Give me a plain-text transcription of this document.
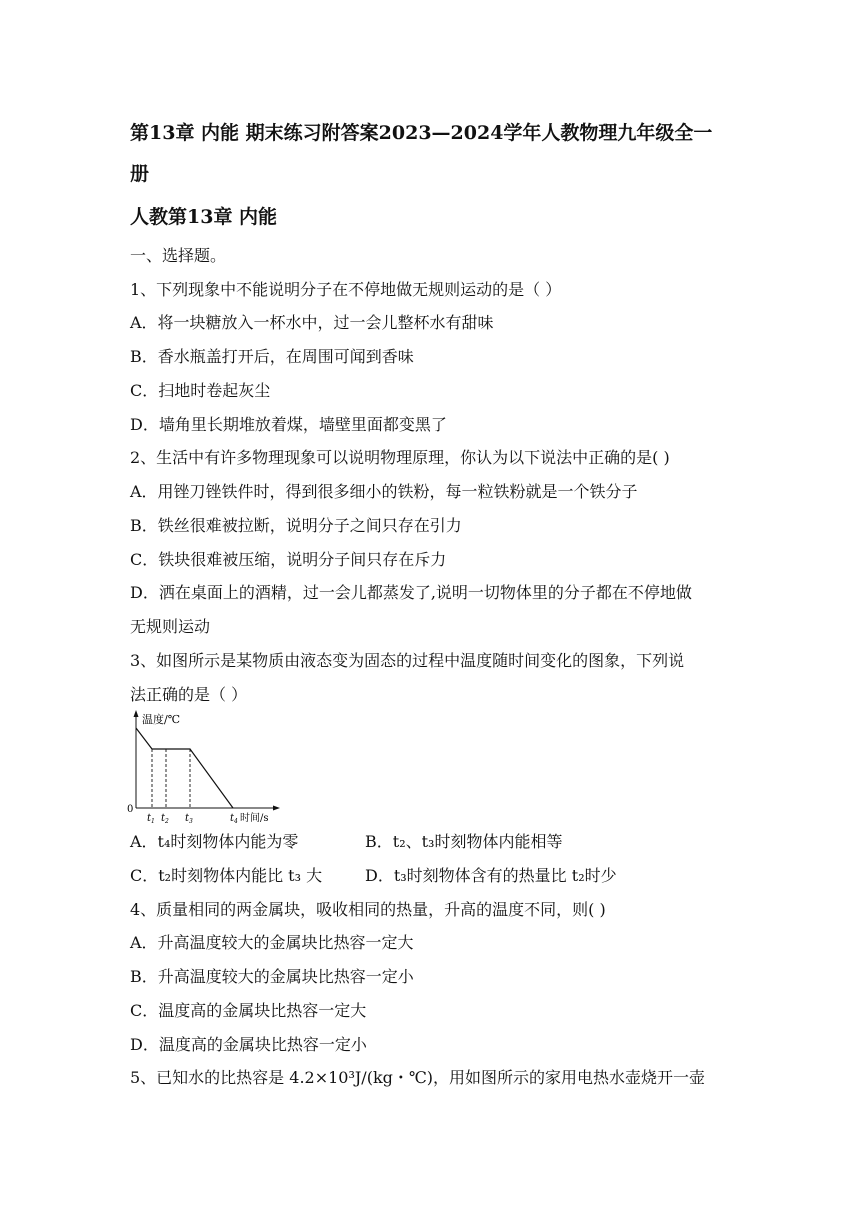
第13章 内能 期末练习附答案2023—2024学年人教物理九年级全一
册
人教第13章 内能
一、选择题。
1、下列现象中不能说明分子在不停地做无规则运动的是（ ）
A．将一块糖放入一杯水中，过一会儿整杯水有甜味
B．香水瓶盖打开后，在周围可闻到香味
C．扫地时卷起灰尘
D．墙角里长期堆放着煤，墙壁里面都变黑了
2、生活中有许多物理现象可以说明物理原理，你认为以下说法中正确的是( )
A．用锉刀锉铁件时，得到很多细小的铁粉，每一粒铁粉就是一个铁分子
B．铁丝很难被拉断，说明分子之间只存在引力
C．铁块很难被压缩，说明分子间只存在斥力
D．洒在桌面上的酒精，过一会儿都蒸发了,说明一切物体里的分子都在不停地做
无规则运动
3、如图所示是某物质由液态变为固态的过程中温度随时间变化的图象，下列说
法正确的是（ ）
温度/℃
0
$t_1$ $t_2$ $t_3$	$t_4$ 时间/s
A．t₄时刻物体内能为零	B．t₂、t₃时刻物体内能相等
C．t₂时刻物体内能比 t₃ 大	D．t₃时刻物体含有的热量比 t₂时少
4、质量相同的两金属块，吸收相同的热量，升高的温度不同，则( )
A．升高温度较大的金属块比热容一定大
B．升高温度较大的金属块比热容一定小
C．温度高的金属块比热容一定大
D．温度高的金属块比热容一定小
5、已知水的比热容是 4.2×10³J/(kg・℃)，用如图所示的家用电热水壶烧开一壶
